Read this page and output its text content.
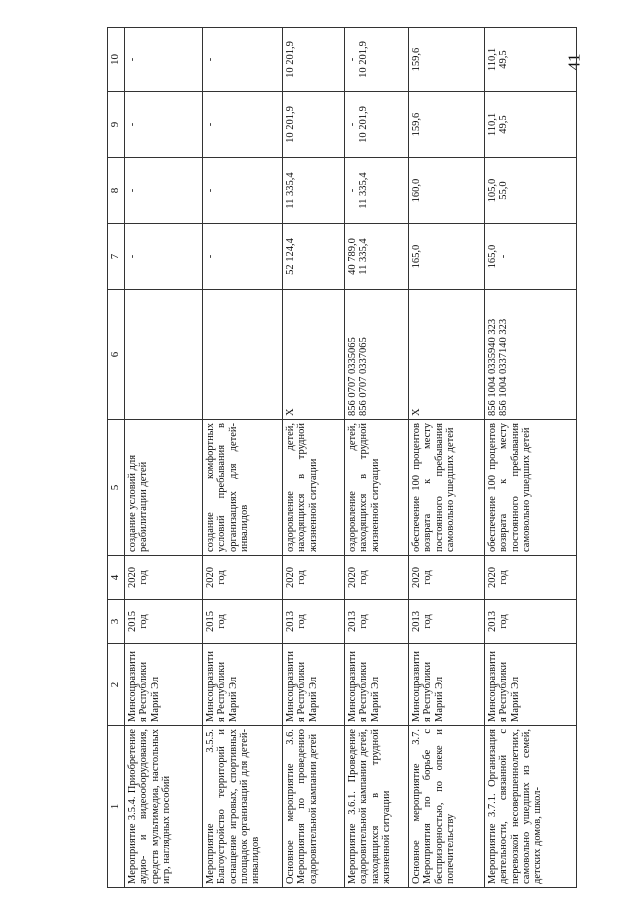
41
1	2	3	4	5	6	7	8	9	10
Мероприятие 3.5.4. Приобретение аудио- и видеооборудования, средств мультимедиа, настольных игр, наглядных пособий	Минсоцразвития Республики Марий Эл	2015 год	2020 год	создание условий для реабилитации детей		-	-	-	-

Мероприятие 3.5.5. Благоустройство территорий и оснащение игровых, спортивных площадок организаций для детей-инвалидов	Минсоцразвития Республики Марий Эл	2015 год	2020 год	создание комфортных условий пребывания в организациях для детей-инвалидов		-	-	-	-

Основное мероприятие 3.6. Мероприятия по проведению оздоровительной кампании детей	Минсоцразвития Республики Марий Эл	2013 год	2020 год	оздоровление детей, находящихся в трудной жизненной ситуации	X	52 124,4	11 335,4	10 201,9	10 201,9

Мероприятие 3.6.1. Проведение оздоровительной кампании детей, находящихся в трудной жизненной ситуации	Минсоцразвития Республики Марий Эл	2013 год	2020 год	оздоровление детей, находящихся в трудной жизненной ситуации	856 0707 0335065 856 0707 0337065	40 789,0 11 335,4	- 11 335,4	- 10 201,9	- 10 201,9

Основное мероприятие 3.7. Мероприятия по борьбе с беспризорностью, по опеке и попечительству	Минсоцразвития Республики Марий Эл	2013 год	2020 год	обеспечение 100 процентов возврата к месту постоянного пребывания самовольно ушедших детей	X	165,0	160,0	159,6	159,6

Мероприятие 3.7.1. Организация деятельности, связанной с перевозкой несовершеннолетних, самовольно ушедших из семей, детских домов, школ-	Минсоцразвития Республики Марий Эл	2013 год	2020 год	обеспечение 100 процентов возврата к месту постоянного пребывания самовольно ушедших детей	856 1004 0335940 323 856 1004 0337140 323	165,0 -	105,0 55,0	110,1 49,5	110,1 49,5
